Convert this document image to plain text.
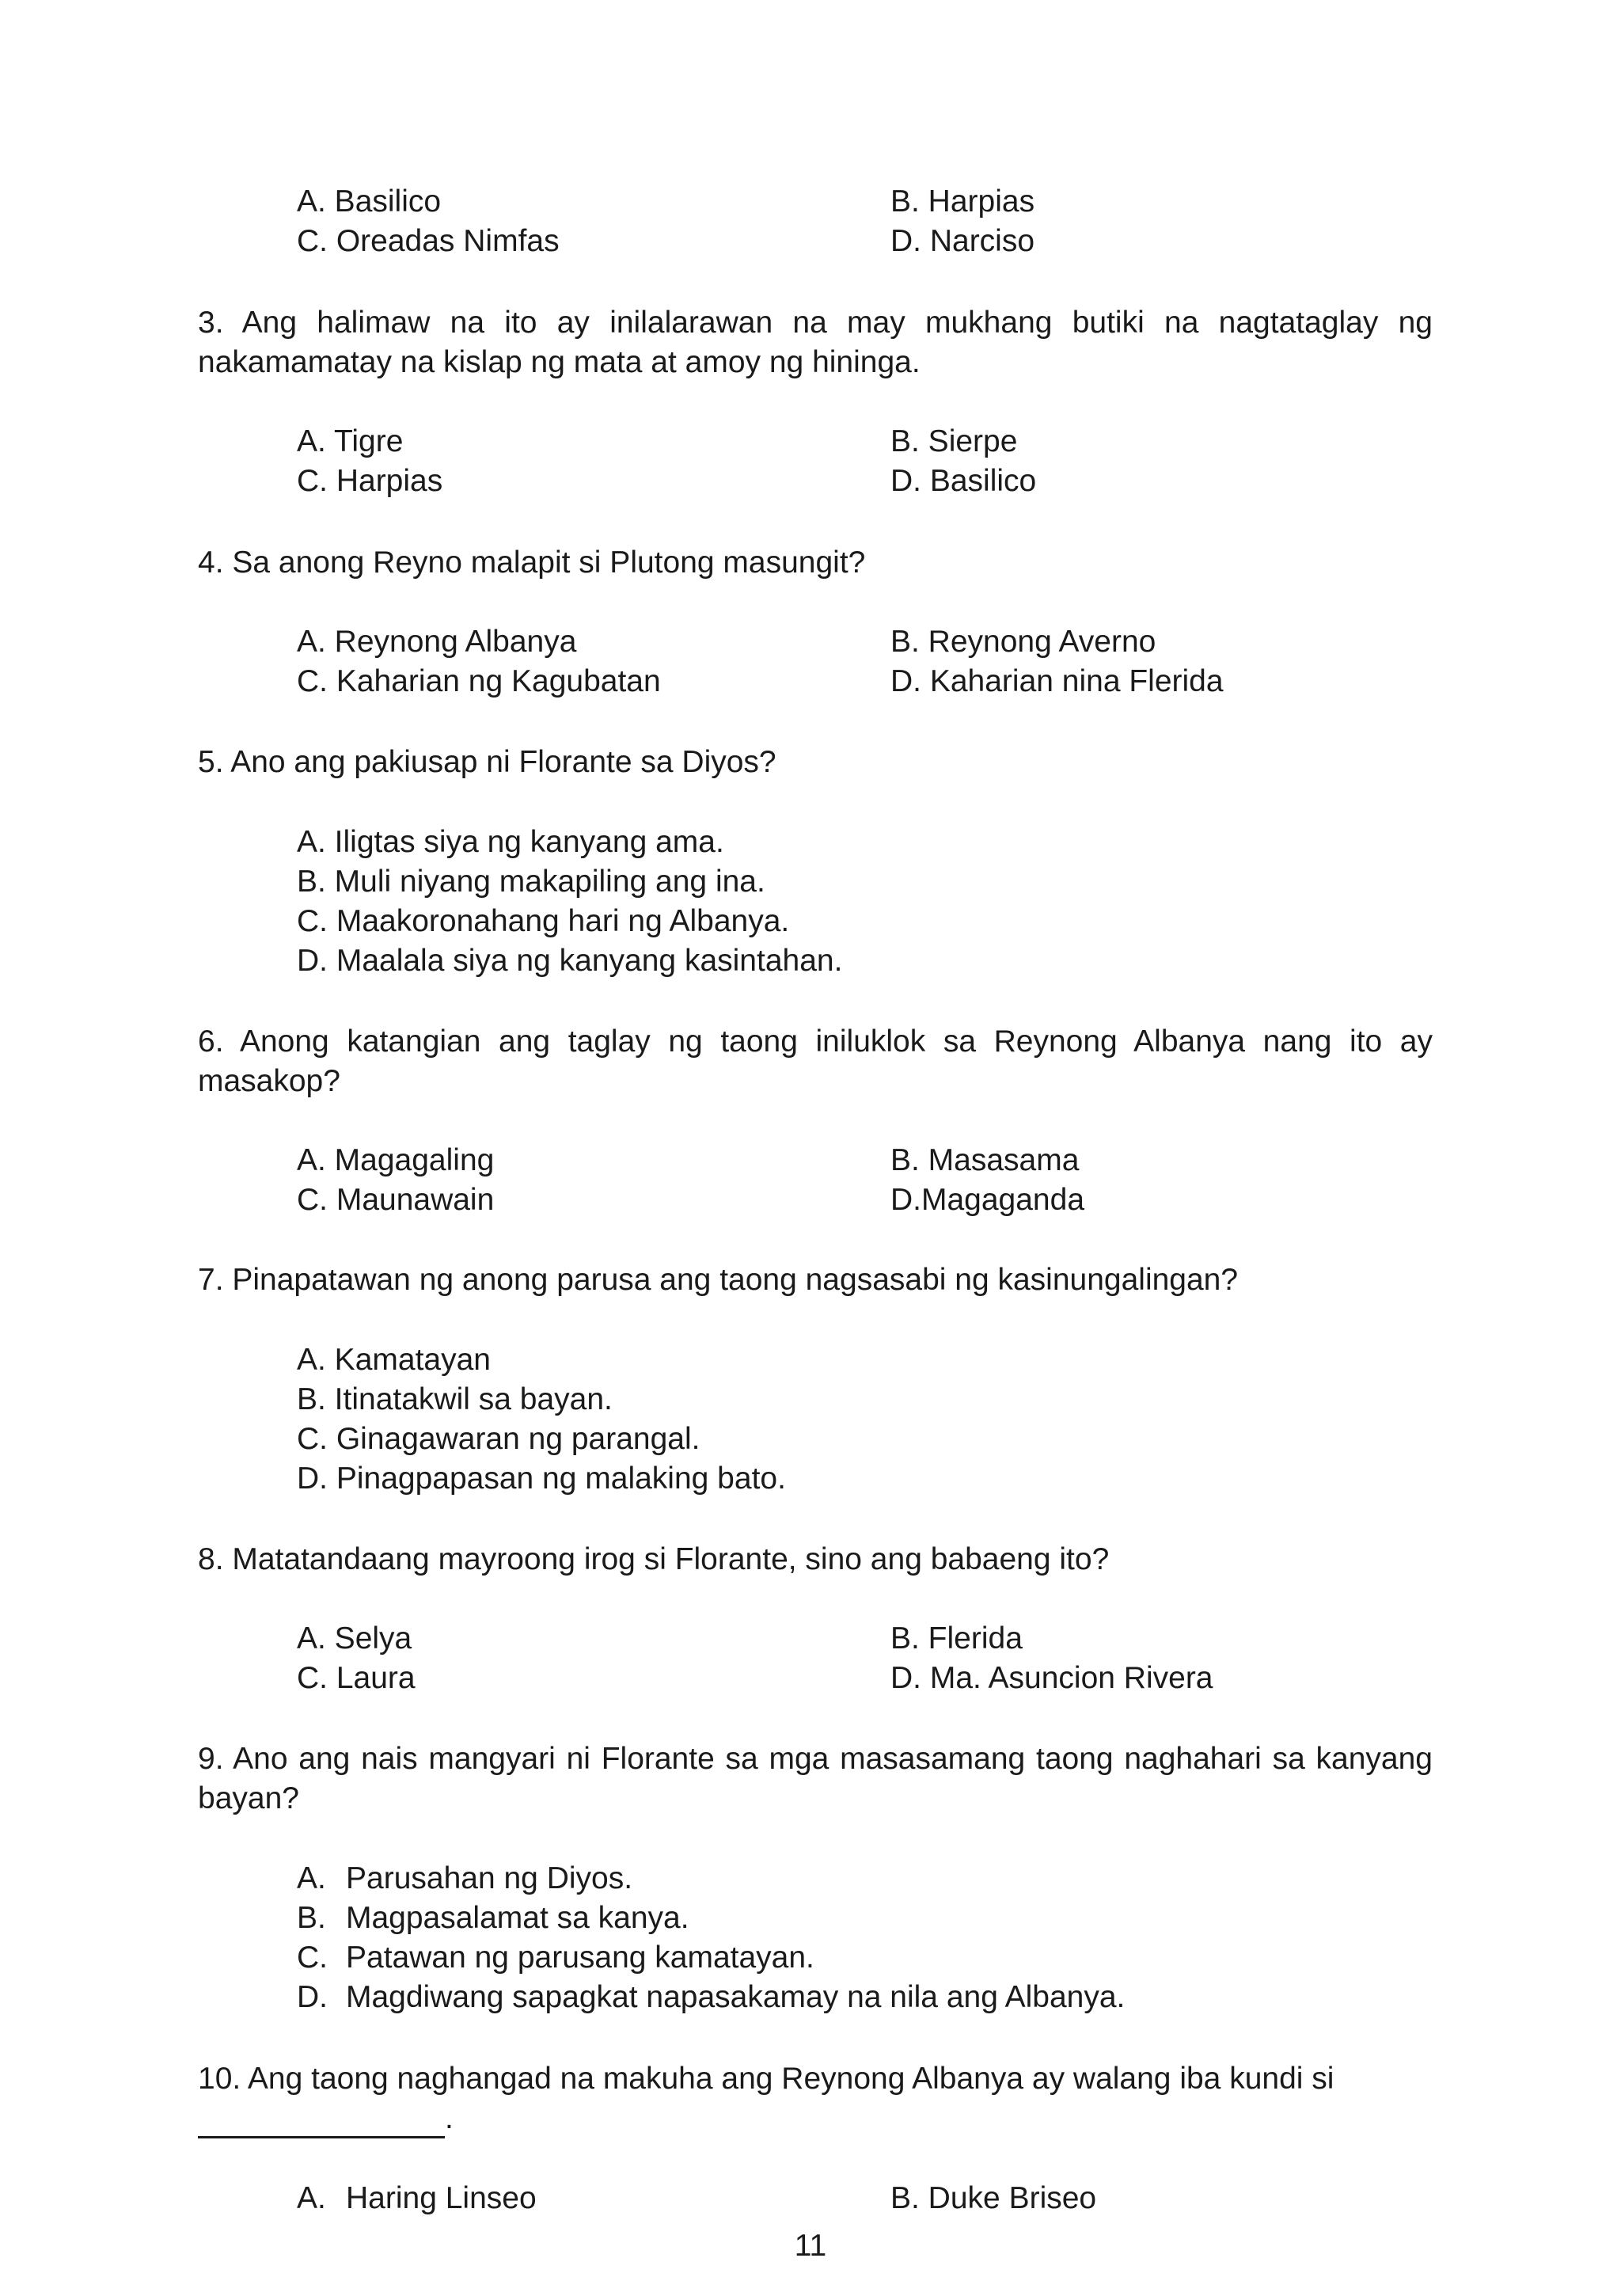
A. Basilico	B. Harpias
C. Oreadas Nimfas	D. Narciso

3. Ang halimaw na ito ay inilalarawan na may mukhang butiki na nagtataglay ng nakamamatay na kislap ng mata at amoy ng hininga.

A. Tigre	B. Sierpe
C. Harpias	D. Basilico

4. Sa anong Reyno malapit si Plutong masungit?

A. Reynong Albanya	B. Reynong Averno
C. Kaharian ng Kagubatan	D. Kaharian nina Flerida

5. Ano ang pakiusap ni Florante sa Diyos?

A. Iligtas siya ng kanyang ama.
B. Muli niyang makapiling ang ina.
C. Maakoronahang hari ng Albanya.
D. Maalala siya ng kanyang kasintahan.

6. Anong katangian ang taglay ng taong iniluklok sa Reynong Albanya nang ito ay masakop?

A. Magagaling	B. Masasama
C. Maunawain	D.Magaganda

7. Pinapatawan ng anong parusa ang taong nagsasabi ng kasinungalingan?

A. Kamatayan
B. Itinatakwil sa bayan.
C. Ginagawaran ng parangal.
D. Pinagpapasan ng malaking bato.

8. Matatandaang mayroong irog si Florante, sino ang babaeng ito?

A. Selya	B. Flerida
C. Laura	D. Ma. Asuncion Rivera

9. Ano ang nais mangyari ni Florante sa mga masasamang taong naghahari sa kanyang bayan?

A. Parusahan ng Diyos.
B. Magpasalamat sa kanya.
C. Patawan ng parusang kamatayan.
D. Magdiwang sapagkat napasakamay na nila ang Albanya.

10. Ang taong naghangad na makuha ang Reynong Albanya ay walang iba kundi si

.

A. Haring Linseo	B. Duke Briseo
11
